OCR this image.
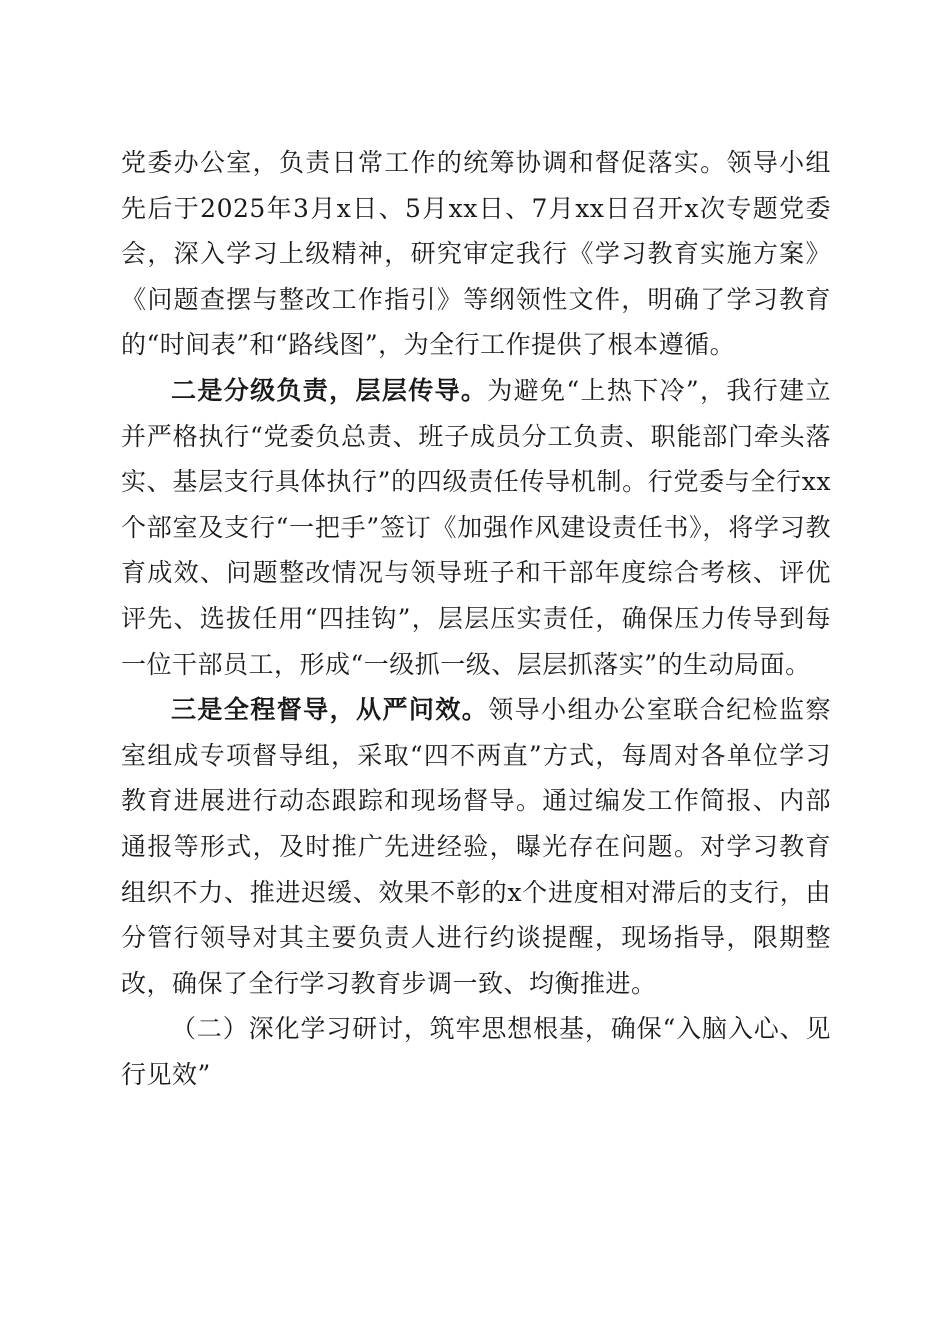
党委办公室，负责日常工作的统筹协调和督促落实。领导小组先后于2025年3月x日、5月xx日、7月xx日召开x次专题党委会，深入学习上级精神，研究审定我行《学习教育实施方案》《问题查摆与整改工作指引》等纲领性文件，明确了学习教育的“时间表”和“路线图”，为全行工作提供了根本遵循。

二是分级负责，层层传导。为避免“上热下冷”，我行建立并严格执行“党委负总责、班子成员分工负责、职能部门牵头落实、基层支行具体执行”的四级责任传导机制。行党委与全行xx个部室及支行“一把手”签订《加强作风建设责任书》，将学习教育成效、问题整改情况与领导班子和干部年度综合考核、评优评先、选拔任用“四挂钩”，层层压实责任，确保压力传导到每一位干部员工，形成“一级抓一级、层层抓落实”的生动局面。

三是全程督导，从严问效。领导小组办公室联合纪检监察室组成专项督导组，采取“四不两直”方式，每周对各单位学习教育进展进行动态跟踪和现场督导。通过编发工作简报、内部通报等形式，及时推广先进经验，曝光存在问题。对学习教育组织不力、推进迟缓、效果不彰的x个进度相对滞后的支行，由分管行领导对其主要负责人进行约谈提醒，现场指导，限期整改，确保了全行学习教育步调一致、均衡推进。

（二）深化学习研讨，筑牢思想根基，确保“入脑入心、见行见效”
